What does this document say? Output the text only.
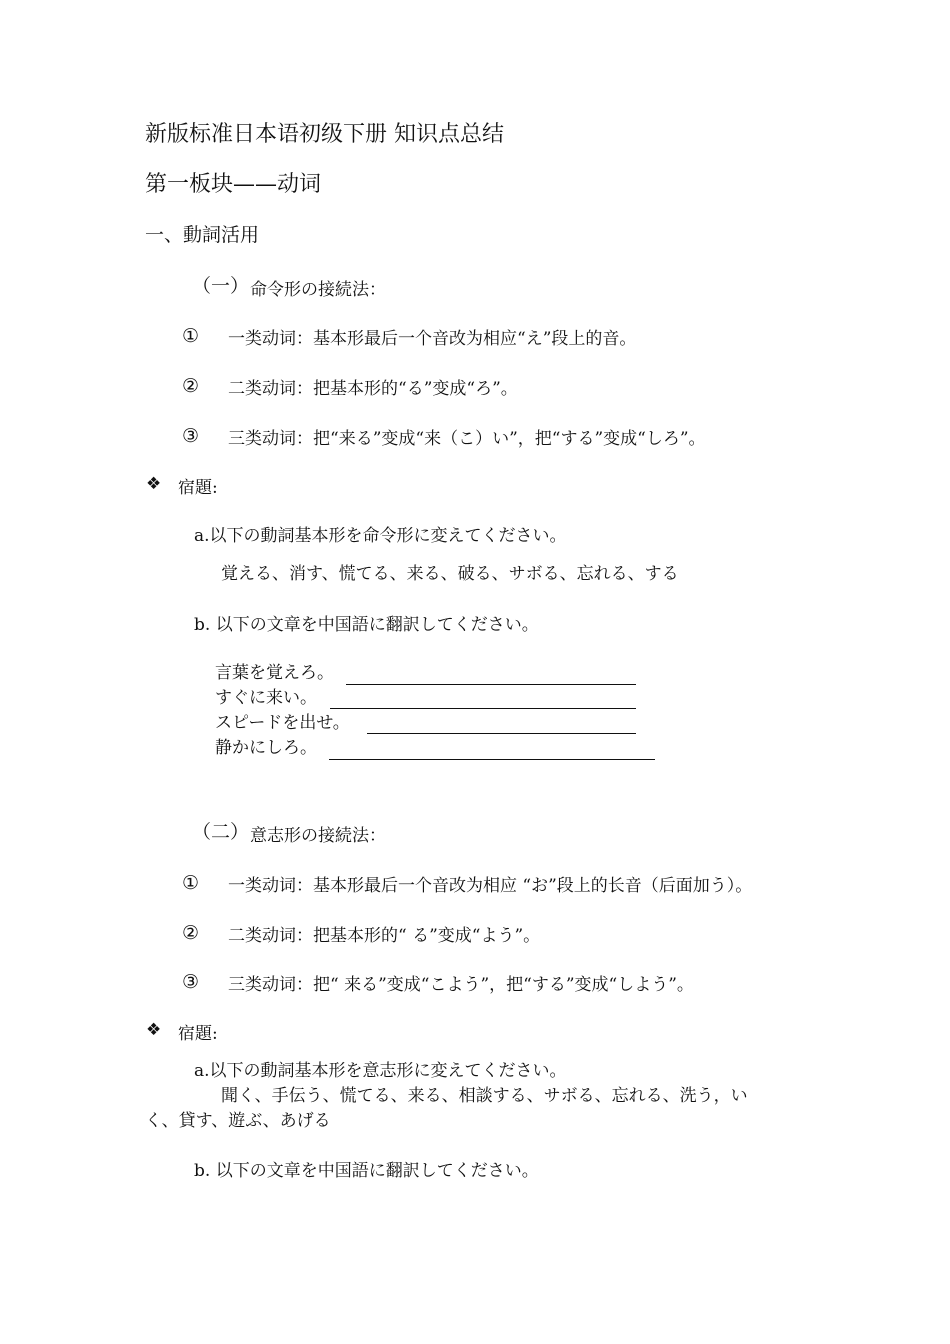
新版标准日本语初级下册 知识点总结
第一板块——动词
一、動詞活用
（一） 命令形の接続法：
① 一类动词：基本形最后一个音改为相应“え”段上的音。
② 二类动词：把基本形的“る”变成“ろ”。
③ 三类动词：把“来る”变成“来（こ）い”，把“する”变成“しろ”。
❖ 宿題:
a.以下の動詞基本形を命令形に変えてください。
覚える、消す、慌てる、来る、破る、サボる、忘れる、する
b. 以下の文章を中国語に翻訳してください。
言葉を覚えろ。
すぐに来い。
スピードを出せ。
静かにしろ。
（二） 意志形の接続法：
① 一类动词：基本形最后一个音改为相应 “お”段上的长音（后面加う）。
② 二类动词：把基本形的“ る”变成“よう”。
③ 三类动词：把“ 来る”变成“こよう”，把“する”变成“しよう”。
❖ 宿題:
a.以下の動詞基本形を意志形に変えてください。
聞く、手伝う、慌てる、来る、相談する、サボる、忘れる、洗う，い
く、貸す、遊ぶ、あげる
b. 以下の文章を中国語に翻訳してください。
